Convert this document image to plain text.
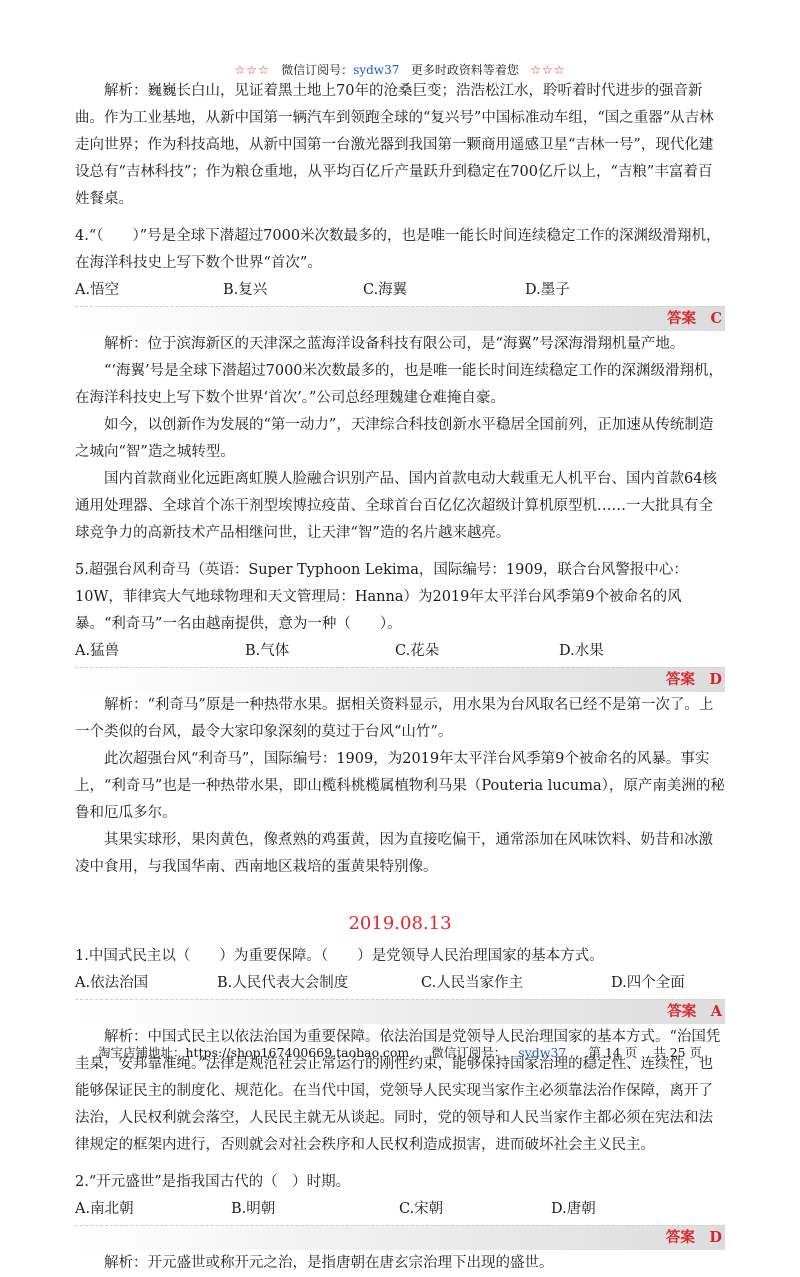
☆☆☆ 微信订阅号：sydw37 更多时政资料等着您 ☆☆☆

解析：巍巍长白山，见证着黑土地上70年的沧桑巨变；浩浩松江水，聆听着时代进步的强音新曲。作为工业基地，从新中国第一辆汽车到领跑全球的“复兴号”中国标准动车组，“国之重器”从吉林走向世界；作为科技高地，从新中国第一台激光器到我国第一颗商用遥感卫星“吉林一号”，现代化建设总有“吉林科技”；作为粮仓重地，从平均百亿斤产量跃升到稳定在700亿斤以上，“吉粮”丰富着百姓餐桌。

4.“（　　）”号是全球下潜超过7000米次数最多的，也是唯一能长时间连续稳定工作的深渊级滑翔机，在海洋科技史上写下数个世界“首次”。

A.悟空	B.复兴	C.海翼	D.墨子
答案　C

解析：位于滨海新区的天津深之蓝海洋设备科技有限公司，是“海翼”号深海滑翔机量产地。

“‘海翼’号是全球下潜超过7000米次数最多的，也是唯一能长时间连续稳定工作的深渊级滑翔机，在海洋科技史上写下数个世界‘首次’。”公司总经理魏建仓难掩自豪。

如今，以创新作为发展的“第一动力”，天津综合科技创新水平稳居全国前列，正加速从传统制造之城向“智”造之城转型。

国内首款商业化远距离虹膜人脸融合识别产品、国内首款电动大载重无人机平台、国内首款64核通用处理器、全球首个冻干剂型埃博拉疫苗、全球首台百亿亿次超级计算机原型机……一大批具有全球竞争力的高新技术产品相继问世，让天津“智”造的名片越来越亮。

5.超强台风利奇马（英语：Super Typhoon Lekima，国际编号：1909，联合台风警报中心：10W，菲律宾大气地球物理和天文管理局：Hanna）为2019年太平洋台风季第9个被命名的风暴。“利奇马”一名由越南提供，意为一种（　　）。

A.猛兽	B.气体	C.花朵	D.水果
答案　D

解析：“利奇马”原是一种热带水果。据相关资料显示，用水果为台风取名已经不是第一次了。上一个类似的台风，最令大家印象深刻的莫过于台风“山竹”。

此次超强台风“利奇马”，国际编号：1909，为2019年太平洋台风季第9个被命名的风暴。事实上，“利奇马”也是一种热带水果，即山榄科桃榄属植物利马果（Pouteria lucuma），原产南美洲的秘鲁和厄瓜多尔。

其果实球形，果肉黄色，像煮熟的鸡蛋黄，因为直接吃偏干，通常添加在风味饮料、奶昔和冰激凌中食用，与我国华南、西南地区栽培的蛋黄果特别像。

2019.08.13

1.中国式民主以（　　）为重要保障。（　　）是党领导人民治理国家的基本方式。

A.依法治国	B.人民代表大会制度	C.人民当家作主	D.四个全面
答案　A

解析：中国式民主以依法治国为重要保障。依法治国是党领导人民治理国家的基本方式。“治国凭圭臬，安邦靠准绳。”法律是规范社会正常运行的刚性约束，能够保持国家治理的稳定性、连续性，也能够保证民主的制度化、规范化。在当代中国，党领导人民实现当家作主必须靠法治作保障，离开了法治，人民权利就会落空，人民民主就无从谈起。同时，党的领导和人民当家作主都必须在宪法和法律规定的框架内进行，否则就会对社会秩序和人民权利造成损害，进而破坏社会主义民主。

2.“开元盛世”是指我国古代的（　）时期。

A.南北朝	B.明朝	C.宋朝	D.唐朝
答案　D

解析：开元盛世或称开元之治，是指唐朝在唐玄宗治理下出现的盛世。

淘宝店铺地址：https://shop167400669.taobao.com 微信订阅号： sydw37 第 14 页 共 25 页
